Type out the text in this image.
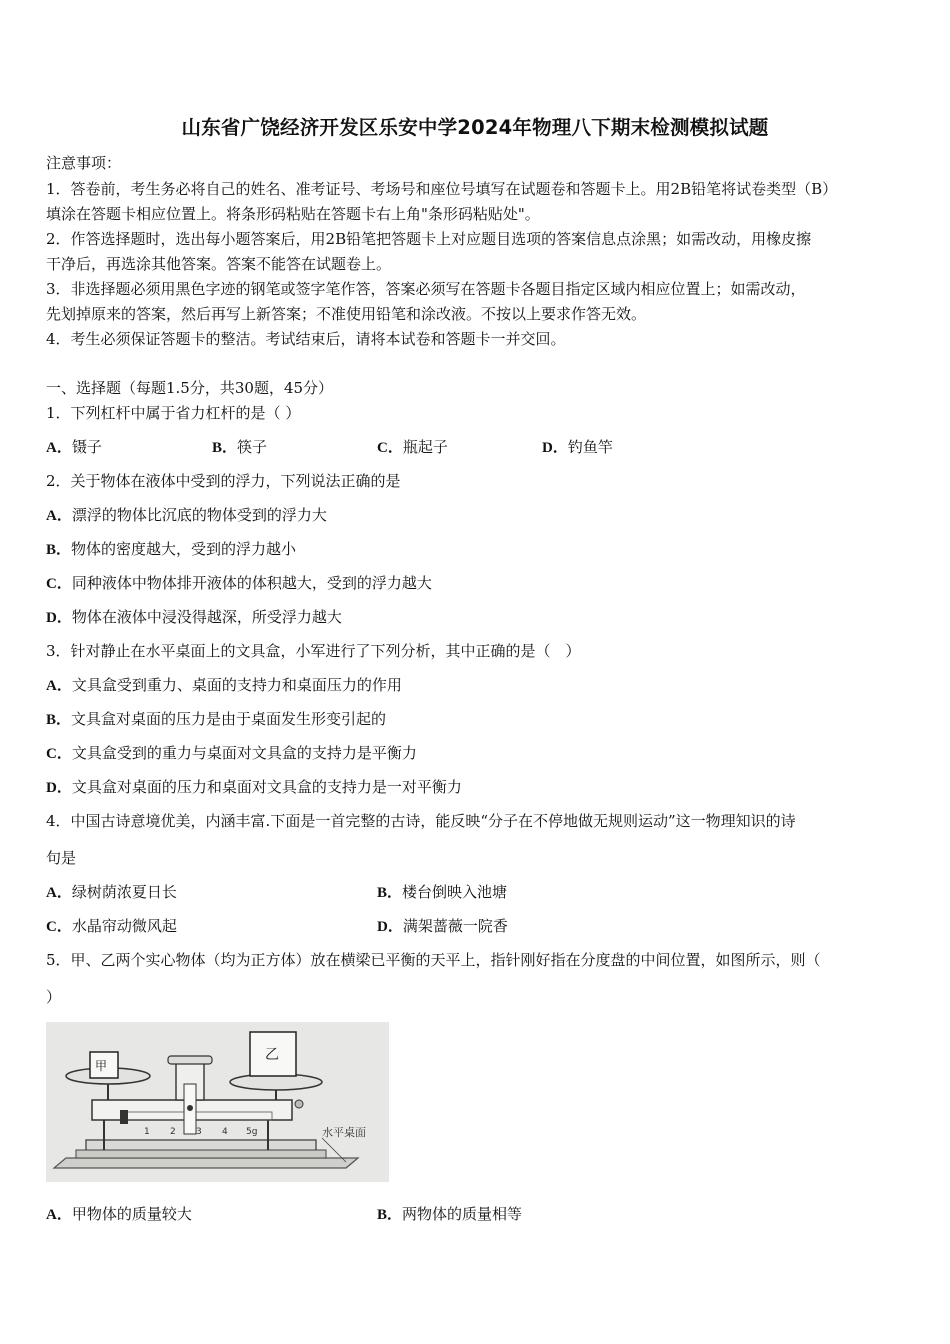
山东省广饶经济开发区乐安中学2024年物理八下期末检测模拟试题
注意事项：
1．答卷前，考生务必将自己的姓名、准考证号、考场号和座位号填写在试题卷和答题卡上。用2B铅笔将试卷类型（B）
填涂在答题卡相应位置上。将条形码粘贴在答题卡右上角"条形码粘贴处"。
2．作答选择题时，选出每小题答案后，用2B铅笔把答题卡上对应题目选项的答案信息点涂黑；如需改动，用橡皮擦
干净后，再选涂其他答案。答案不能答在试题卷上。
3．非选择题必须用黑色字迹的钢笔或签字笔作答，答案必须写在答题卡各题目指定区域内相应位置上；如需改动，
先划掉原来的答案，然后再写上新答案；不准使用铅笔和涂改液。不按以上要求作答无效。
4．考生必须保证答题卡的整洁。考试结束后，请将本试卷和答题卡一并交回。
一、选择题（每题1.5分，共30题，45分）
1．下列杠杆中属于省力杠杆的是（ ）
A．镊子	B．筷子	C．瓶起子	D．钓鱼竿
2．关于物体在液体中受到的浮力，下列说法正确的是
A．漂浮的物体比沉底的物体受到的浮力大
B．物体的密度越大，受到的浮力越小
C．同种液体中物体排开液体的体积越大，受到的浮力越大
D．物体在液体中浸没得越深，所受浮力越大
3．针对静止在水平桌面上的文具盒，小军进行了下列分析，其中正确的是（　）
A．文具盒受到重力、桌面的支持力和桌面压力的作用
B．文具盒对桌面的压力是由于桌面发生形变引起的
C．文具盒受到的重力与桌面对文具盒的支持力是平衡力
D．文具盒对桌面的压力和桌面对文具盒的支持力是一对平衡力
4．中国古诗意境优美，内涵丰富.下面是一首完整的古诗，能反映“分子在不停地做无规则运动”这一物理知识的诗
句是
A．绿树荫浓夏日长	B．楼台倒映入池塘
C．水晶帘动微风起	D．满架蔷薇一院香
5．甲、乙两个实心物体（均为正方体）放在横梁已平衡的天平上，指针刚好指在分度盘的中间位置，如图所示，则（
）
1 2 3 4 5g
甲
乙
水平桌面
A．甲物体的质量较大	B．两物体的质量相等
